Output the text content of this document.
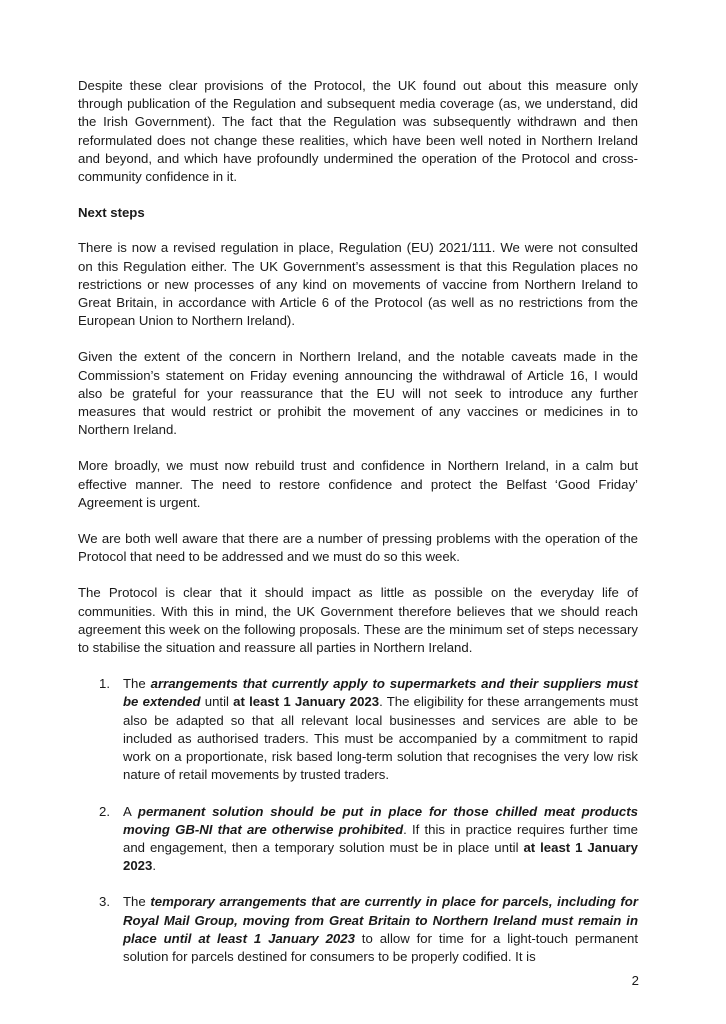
Despite these clear provisions of the Protocol, the UK found out about this measure only through publication of the Regulation and subsequent media coverage (as, we understand, did the Irish Government). The fact that the Regulation was subsequently withdrawn and then reformulated does not change these realities, which have been well noted in Northern Ireland and beyond, and which have profoundly undermined the operation of the Protocol and cross-community confidence in it.

Next steps

There is now a revised regulation in place, Regulation (EU) 2021/111. We were not consulted on this Regulation either. The UK Government’s assessment is that this Regulation places no restrictions or new processes of any kind on movements of vaccine from Northern Ireland to Great Britain, in accordance with Article 6 of the Protocol (as well as no restrictions from the European Union to Northern Ireland).

Given the extent of the concern in Northern Ireland, and the notable caveats made in the Commission’s statement on Friday evening announcing the withdrawal of Article 16, I would also be grateful for your reassurance that the EU will not seek to introduce any further measures that would restrict or prohibit the movement of any vaccines or medicines in to Northern Ireland.

More broadly, we must now rebuild trust and confidence in Northern Ireland, in a calm but effective manner. The need to restore confidence and protect the Belfast ‘Good Friday’ Agreement is urgent.

We are both well aware that there are a number of pressing problems with the operation of the Protocol that need to be addressed and we must do so this week.

The Protocol is clear that it should impact as little as possible on the everyday life of communities. With this in mind, the UK Government therefore believes that we should reach agreement this week on the following proposals. These are the minimum set of steps necessary to stabilise the situation and reassure all parties in Northern Ireland.

1. The arrangements that currently apply to supermarkets and their suppliers must be extended until at least 1 January 2023. The eligibility for these arrangements must also be adapted so that all relevant local businesses and services are able to be included as authorised traders. This must be accompanied by a commitment to rapid work on a proportionate, risk based long-term solution that recognises the very low risk nature of retail movements by trusted traders.
2. A permanent solution should be put in place for those chilled meat products moving GB-NI that are otherwise prohibited. If this in practice requires further time and engagement, then a temporary solution must be in place until at least 1 January 2023.
3. The temporary arrangements that are currently in place for parcels, including for Royal Mail Group, moving from Great Britain to Northern Ireland must remain in place until at least 1 January 2023 to allow for time for a light-touch permanent solution for parcels destined for consumers to be properly codified. It is
2
